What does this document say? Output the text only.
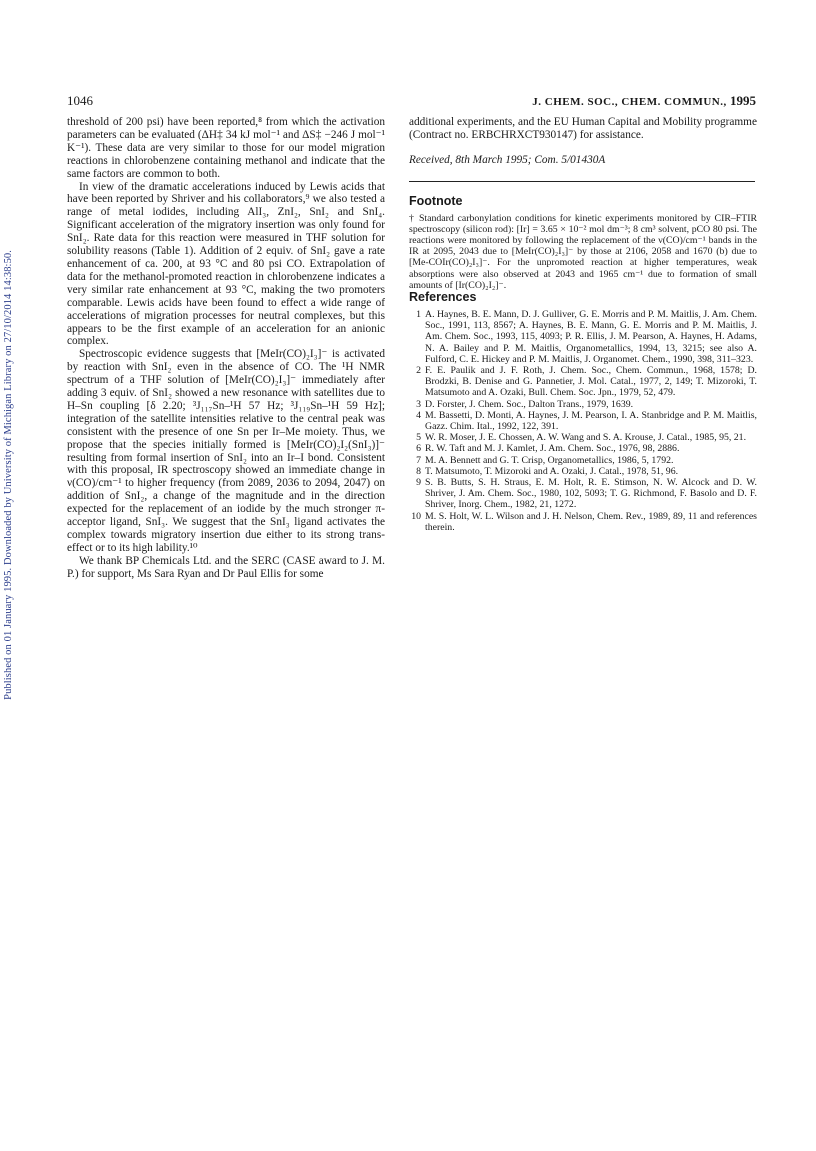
Published on 01 January 1995. Downloaded by University of Michigan Library on 27/10/2014 14:38:50.
1046	J. CHEM. SOC., CHEM. COMMUN., 1995

threshold of 200 psi) have been reported,⁸ from which the activation parameters can be evaluated (ΔH‡ 34 kJ mol⁻¹ and ΔS‡ −246 J mol⁻¹ K⁻¹). These data are very similar to those for our model migration reactions in chlorobenzene containing methanol and indicate that the same factors are common to both.

In view of the dramatic accelerations induced by Lewis acids that have been reported by Shriver and his collaborators,⁹ we also tested a range of metal iodides, including AlI₃, ZnI₂, SnI₂ and SnI₄. Significant acceleration of the migratory insertion was only found for SnI₂. Rate data for this reaction were measured in THF solution for solubility reasons (Table 1). Addition of 2 equiv. of SnI₂ gave a rate enhancement of ca. 200, at 93 °C and 80 psi CO. Extrapolation of data for the methanol-promoted reaction in chlorobenzene indicates a very similar rate enhancement at 93 °C, making the two promoters comparable. Lewis acids have been found to effect a wide range of accelerations of migration processes for neutral complexes, but this appears to be the first example of an acceleration for an anionic complex.

Spectroscopic evidence suggests that [MeIr(CO)₂I₃]⁻ is activated by reaction with SnI₂ even in the absence of CO. The ¹H NMR spectrum of a THF solution of [MeIr(CO)₂I₃]⁻ immediately after adding 3 equiv. of SnI₂ showed a new resonance with satellites due to H–Sn coupling [δ 2.20; ³J₁₁₇Sn–¹H 57 Hz; ³J₁₁₉Sn–¹H 59 Hz]; integration of the satellite intensities relative to the central peak was consistent with the presence of one Sn per Ir–Me moiety. Thus, we propose that the species initially formed is [MeIr(CO)₂I₂(SnI₃)]⁻ resulting from formal insertion of SnI₂ into an Ir–I bond. Consistent with this proposal, IR spectroscopy showed an immediate change in ν(CO)/cm⁻¹ to higher frequency (from 2089, 2036 to 2094, 2047) on addition of SnI₂, a change of the magnitude and in the direction expected for the replacement of an iodide by the much stronger π-acceptor ligand, SnI₃. We suggest that the SnI₃ ligand activates the complex towards migratory insertion due either to its strong trans-effect or to its high lability.¹⁰

We thank BP Chemicals Ltd. and the SERC (CASE award to J. M. P.) for support, Ms Sara Ryan and Dr Paul Ellis for some

additional experiments, and the EU Human Capital and Mobility programme (Contract no. ERBCHRXCT930147) for assistance.

Received, 8th March 1995; Com. 5/01430A

Footnote

† Standard carbonylation conditions for kinetic experiments monitored by CIR–FTIR spectroscopy (silicon rod): [Ir] = 3.65 × 10⁻² mol dm⁻³; 8 cm³ solvent, pCO 80 psi. The reactions were monitored by following the replacement of the ν(CO)/cm⁻¹ bands in the IR at 2095, 2043 due to [MeIr(CO)₂I₃]⁻ by those at 2106, 2058 and 1670 (b) due to [Me-COIr(CO)₂I₃]⁻. For the unpromoted reaction at higher temperatures, weak absorptions were also observed at 2043 and 1965 cm⁻¹ due to formation of small amounts of [Ir(CO)₂I₂]⁻.

References
1 A. Haynes, B. E. Mann, D. J. Gulliver, G. E. Morris and P. M. Maitlis, J. Am. Chem. Soc., 1991, 113, 8567; A. Haynes, B. E. Mann, G. E. Morris and P. M. Maitlis, J. Am. Chem. Soc., 1993, 115, 4093; P. R. Ellis, J. M. Pearson, A. Haynes, H. Adams, N. A. Bailey and P. M. Maitlis, Organometallics, 1994, 13, 3215; see also A. Fulford, C. E. Hickey and P. M. Maitlis, J. Organomet. Chem., 1990, 398, 311–323.
2 F. E. Paulik and J. F. Roth, J. Chem. Soc., Chem. Commun., 1968, 1578; D. Brodzki, B. Denise and G. Pannetier, J. Mol. Catal., 1977, 2, 149; T. Mizoroki, T. Matsumoto and A. Ozaki, Bull. Chem. Soc. Jpn., 1979, 52, 479.
3 D. Forster, J. Chem. Soc., Dalton Trans., 1979, 1639.
4 M. Bassetti, D. Monti, A. Haynes, J. M. Pearson, I. A. Stanbridge and P. M. Maitlis, Gazz. Chim. Ital., 1992, 122, 391.
5 W. R. Moser, J. E. Chossen, A. W. Wang and S. A. Krouse, J. Catal., 1985, 95, 21.
6 R. W. Taft and M. J. Kamlet, J. Am. Chem. Soc., 1976, 98, 2886.
7 M. A. Bennett and G. T. Crisp, Organometallics, 1986, 5, 1792.
8 T. Matsumoto, T. Mizoroki and A. Ozaki, J. Catal., 1978, 51, 96.
9 S. B. Butts, S. H. Straus, E. M. Holt, R. E. Stimson, N. W. Alcock and D. W. Shriver, J. Am. Chem. Soc., 1980, 102, 5093; T. G. Richmond, F. Basolo and D. F. Shriver, Inorg. Chem., 1982, 21, 1272.
10 M. S. Holt, W. L. Wilson and J. H. Nelson, Chem. Rev., 1989, 89, 11 and references therein.
